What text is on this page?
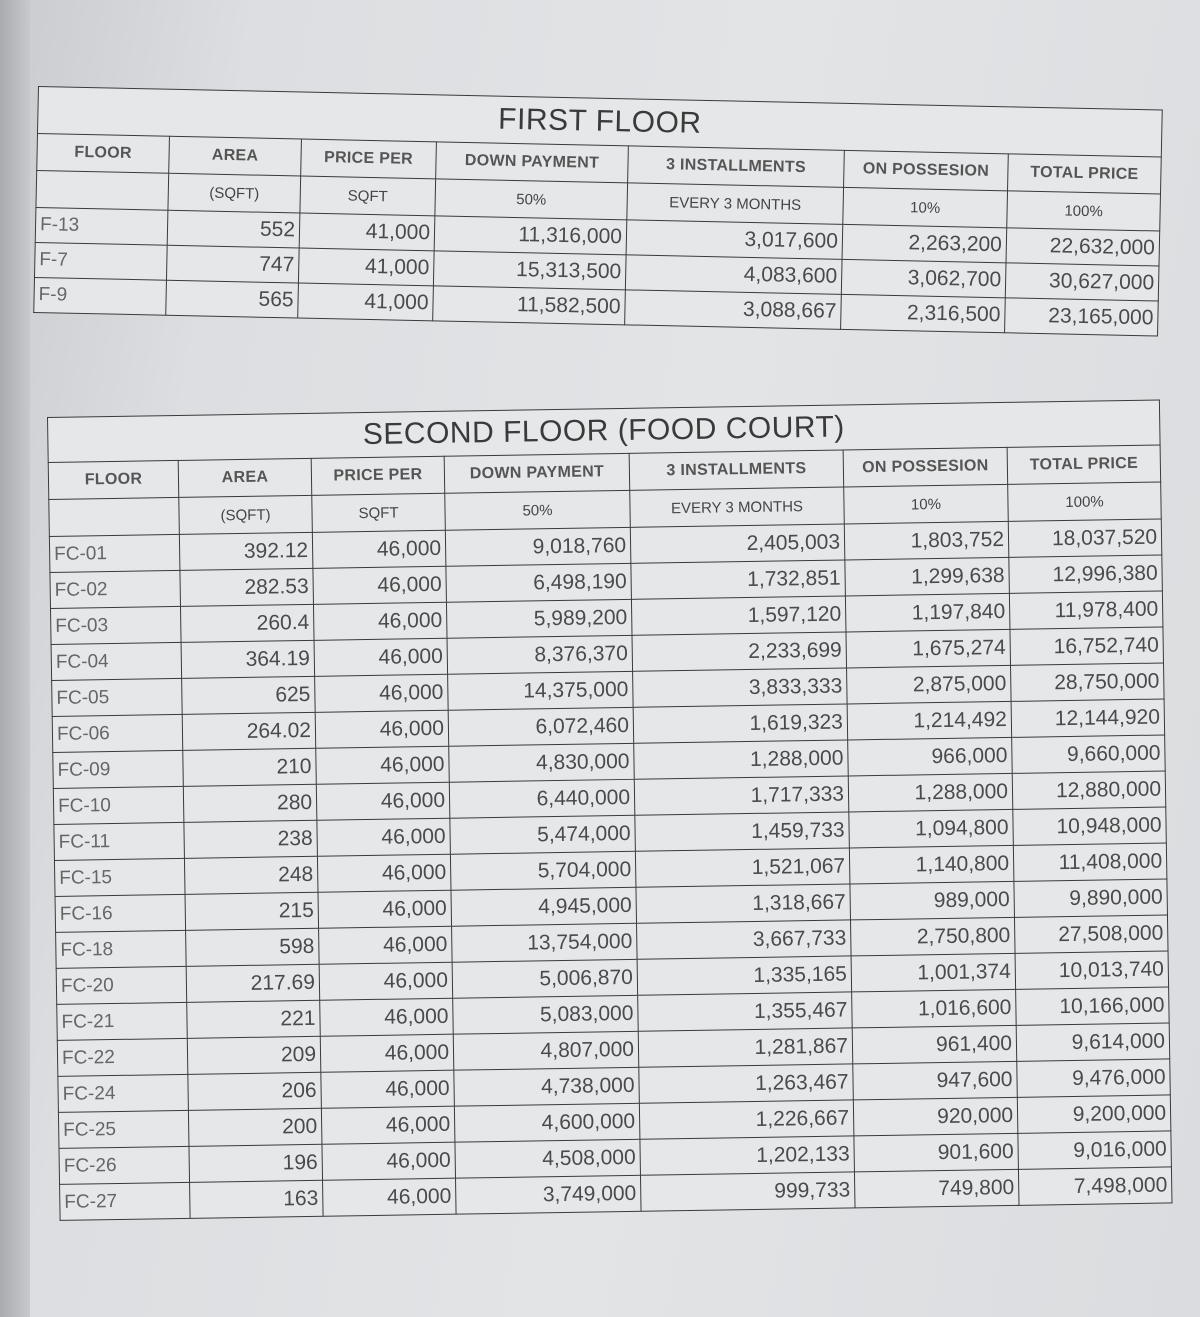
FIRST FLOOR						
FLOOR	AREA	PRICE PER	DOWN PAYMENT	3 INSTALLMENTS	ON POSSESION	TOTAL PRICE
	(SQFT)	SQFT	50%	EVERY 3 MONTHS	10%	100%
F-13	552	41,000	11,316,000	3,017,600	2,263,200	22,632,000
F-7	747	41,000	15,313,500	4,083,600	3,062,700	30,627,000
F-9	565	41,000	11,582,500	3,088,667	2,316,500	23,165,000
SECOND FLOOR (FOOD COURT)						
FLOOR	AREA	PRICE PER	DOWN PAYMENT	3 INSTALLMENTS	ON POSSESION	TOTAL PRICE
	(SQFT)	SQFT	50%	EVERY 3 MONTHS	10%	100%
FC-01	392.12	46,000	9,018,760	2,405,003	1,803,752	18,037,520
FC-02	282.53	46,000	6,498,190	1,732,851	1,299,638	12,996,380
FC-03	260.4	46,000	5,989,200	1,597,120	1,197,840	11,978,400
FC-04	364.19	46,000	8,376,370	2,233,699	1,675,274	16,752,740
FC-05	625	46,000	14,375,000	3,833,333	2,875,000	28,750,000
FC-06	264.02	46,000	6,072,460	1,619,323	1,214,492	12,144,920
FC-09	210	46,000	4,830,000	1,288,000	966,000	9,660,000
FC-10	280	46,000	6,440,000	1,717,333	1,288,000	12,880,000
FC-11	238	46,000	5,474,000	1,459,733	1,094,800	10,948,000
FC-15	248	46,000	5,704,000	1,521,067	1,140,800	11,408,000
FC-16	215	46,000	4,945,000	1,318,667	989,000	9,890,000
FC-18	598	46,000	13,754,000	3,667,733	2,750,800	27,508,000
FC-20	217.69	46,000	5,006,870	1,335,165	1,001,374	10,013,740
FC-21	221	46,000	5,083,000	1,355,467	1,016,600	10,166,000
FC-22	209	46,000	4,807,000	1,281,867	961,400	9,614,000
FC-24	206	46,000	4,738,000	1,263,467	947,600	9,476,000
FC-25	200	46,000	4,600,000	1,226,667	920,000	9,200,000
FC-26	196	46,000	4,508,000	1,202,133	901,600	9,016,000
FC-27	163	46,000	3,749,000	999,733	749,800	7,498,000
